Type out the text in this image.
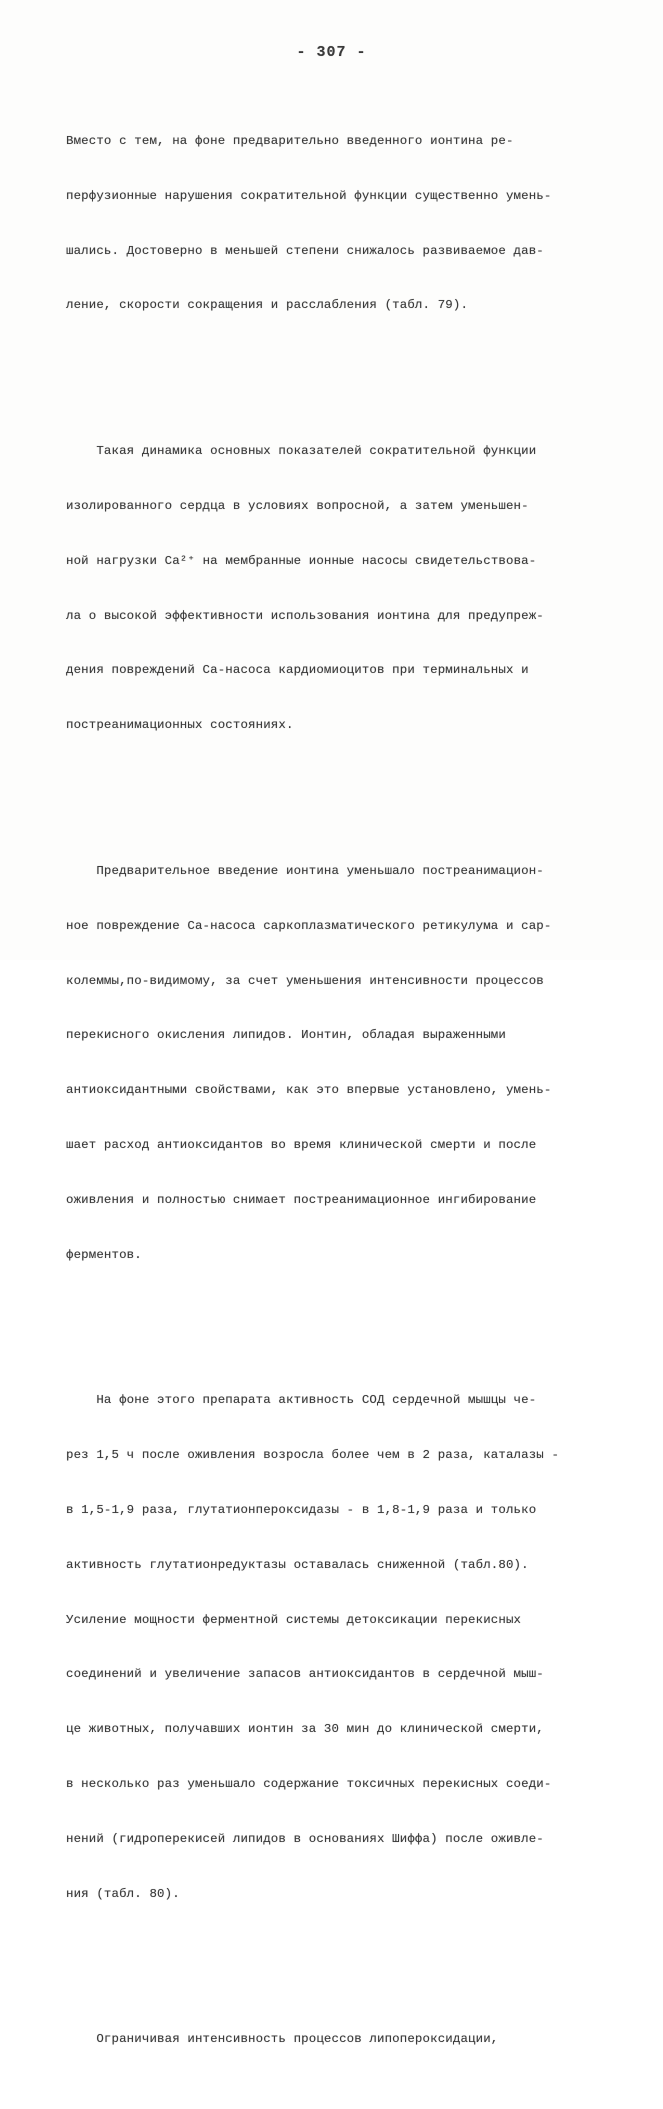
- 307 -

Вместо с тем, на фоне предварительно введенного ионтина ре-

перфузионные нарушения сократительной функции существенно умень-

шались. Достоверно в меньшей степени снижалось развиваемое дав-

ление, скорости сокращения и расслабления (табл. 79).

Такая динамика основных показателей сократительной функции

изолированного сердца в условиях вопросной, а затем уменьшен-

ной нагрузки Ca²⁺ на мембранные ионные насосы свидетельствова-

ла о высокой эффективности использования ионтина для предупреж-

дения повреждений Ca-насоса кардиомиоцитов при терминальных и

постреанимационных состояниях.

Предварительное введение ионтина уменьшало постреанимацион-

ное повреждение Ca-насоса саркоплазматического ретикулума и сар-

колеммы,по-видимому, за счет уменьшения интенсивности процессов

перекисного окисления липидов. Ионтин, обладая выраженными

антиоксидантными свойствами, как это впервые установлено, умень-

шает расход антиоксидантов во время клинической смерти и после

оживления и полностью снимает постреанимационное ингибирование

ферментов.

На фоне этого препарата активность СОД сердечной мышцы че-

рез 1,5 ч после оживления возросла более чем в 2 раза, каталазы -

в 1,5-1,9 раза, глутатионпероксидазы - в 1,8-1,9 раза и только

активность глутатионредуктазы оставалась сниженной (табл.80).

Усиление мощности ферментной системы детоксикации перекисных

соединений и увеличение запасов антиоксидантов в сердечной мыш-

це животных, получавших ионтин за 30 мин до клинической смерти,

в несколько раз уменьшало содержание токсичных перекисных соеди-

нений (гидроперекисей липидов в основаниях Шиффа) после оживле-

ния (табл. 80).

Ограничивая интенсивность процессов липопероксидации,
